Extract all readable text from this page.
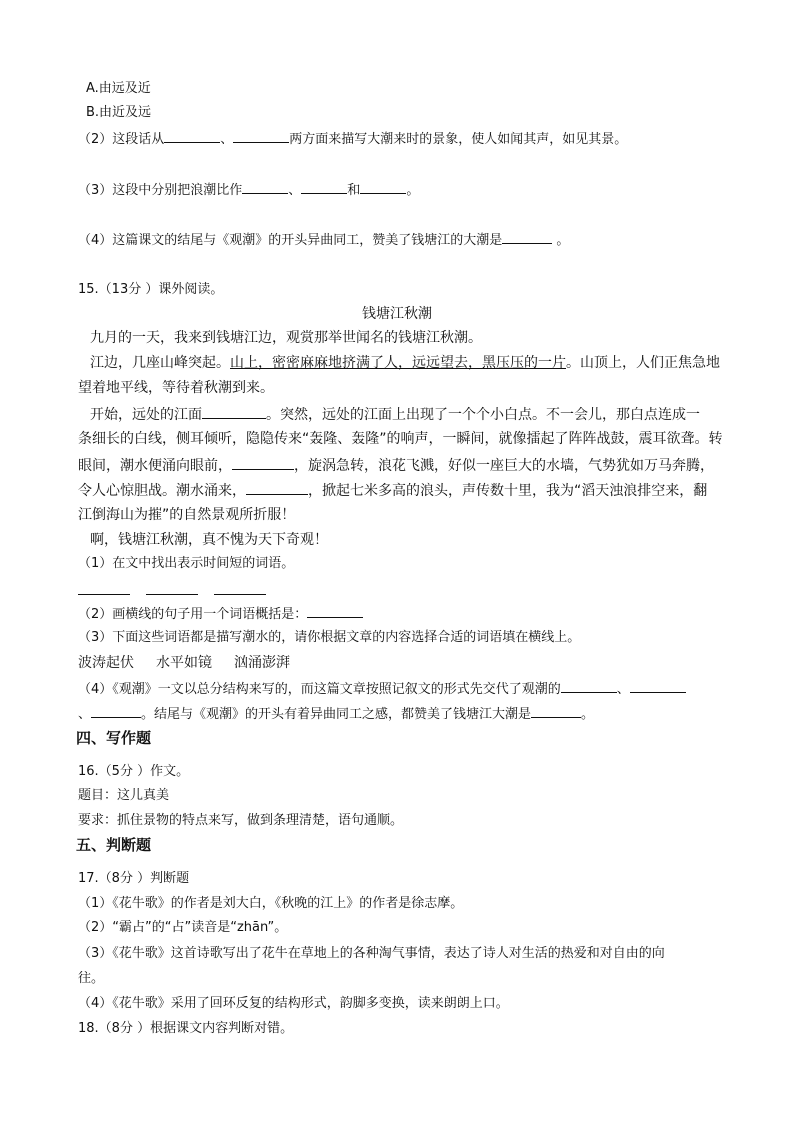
A.由远及近
B.由近及远
（2）这段话从	、	两方面来描写大潮来时的景象，使人如闻其声，如见其景。
（3）这段中分别把浪潮比作	、	和	。
（4）这篇课文的结尾与《观潮》的开头异曲同工，赞美了钱塘江的大潮是	。
15.（13分 ）课外阅读。
钱塘江秋潮
九月的一天，我来到钱塘江边，观赏那举世闻名的钱塘江秋潮。
江边，几座山峰突起。山上，密密麻麻地挤满了人，远远望去，黑压压的一片。山顶上，人们正焦急地
望着地平线，等待着秋潮到来。
开始，远处的江面	。突然，远处的江面上出现了一个个小白点。不一会儿，那白点连成一
条细长的白线，侧耳倾听，隐隐传来“轰隆、轰隆”的响声，一瞬间，就像擂起了阵阵战鼓，震耳欲聋。转
眼间，潮水便涌向眼前，	，旋涡急转，浪花飞溅，好似一座巨大的水墙，气势犹如万马奔腾，
令人心惊胆战。潮水涌来，	，掀起七米多高的浪头，声传数十里，我为“滔天浊浪排空来，翻
江倒海山为摧”的自然景观所折服！
啊，钱塘江秋潮，真不愧为天下奇观！
（1）在文中找出表示时间短的词语。
（2）画横线的句子用一个词语概括是：
（3）下面这些词语都是描写潮水的，请你根据文章的内容选择合适的词语填在横线上。
波涛起伏 水平如镜 汹涌澎湃
（4）《观潮》一文以总分结构来写的，而这篇文章按照记叙文的形式先交代了观潮的	、
、	。结尾与《观潮》的开头有着异曲同工之感，都赞美了钱塘江大潮是	。
四、写作题
16.（5分 ）作文。
题目：这儿真美
要求：抓住景物的特点来写，做到条理清楚，语句通顺。
五、判断题
17.（8分 ）判断题
（1）《花牛歌》的作者是刘大白，《秋晚的江上》的作者是徐志摩。
（2）“霸占”的“占”读音是“zhān”。
（3）《花牛歌》这首诗歌写出了花牛在草地上的各种淘气事情，表达了诗人对生活的热爱和对自由的向
往。
（4）《花牛歌》采用了回环反复的结构形式，韵脚多变换，读来朗朗上口。
18.（8分 ）根据课文内容判断对错。
